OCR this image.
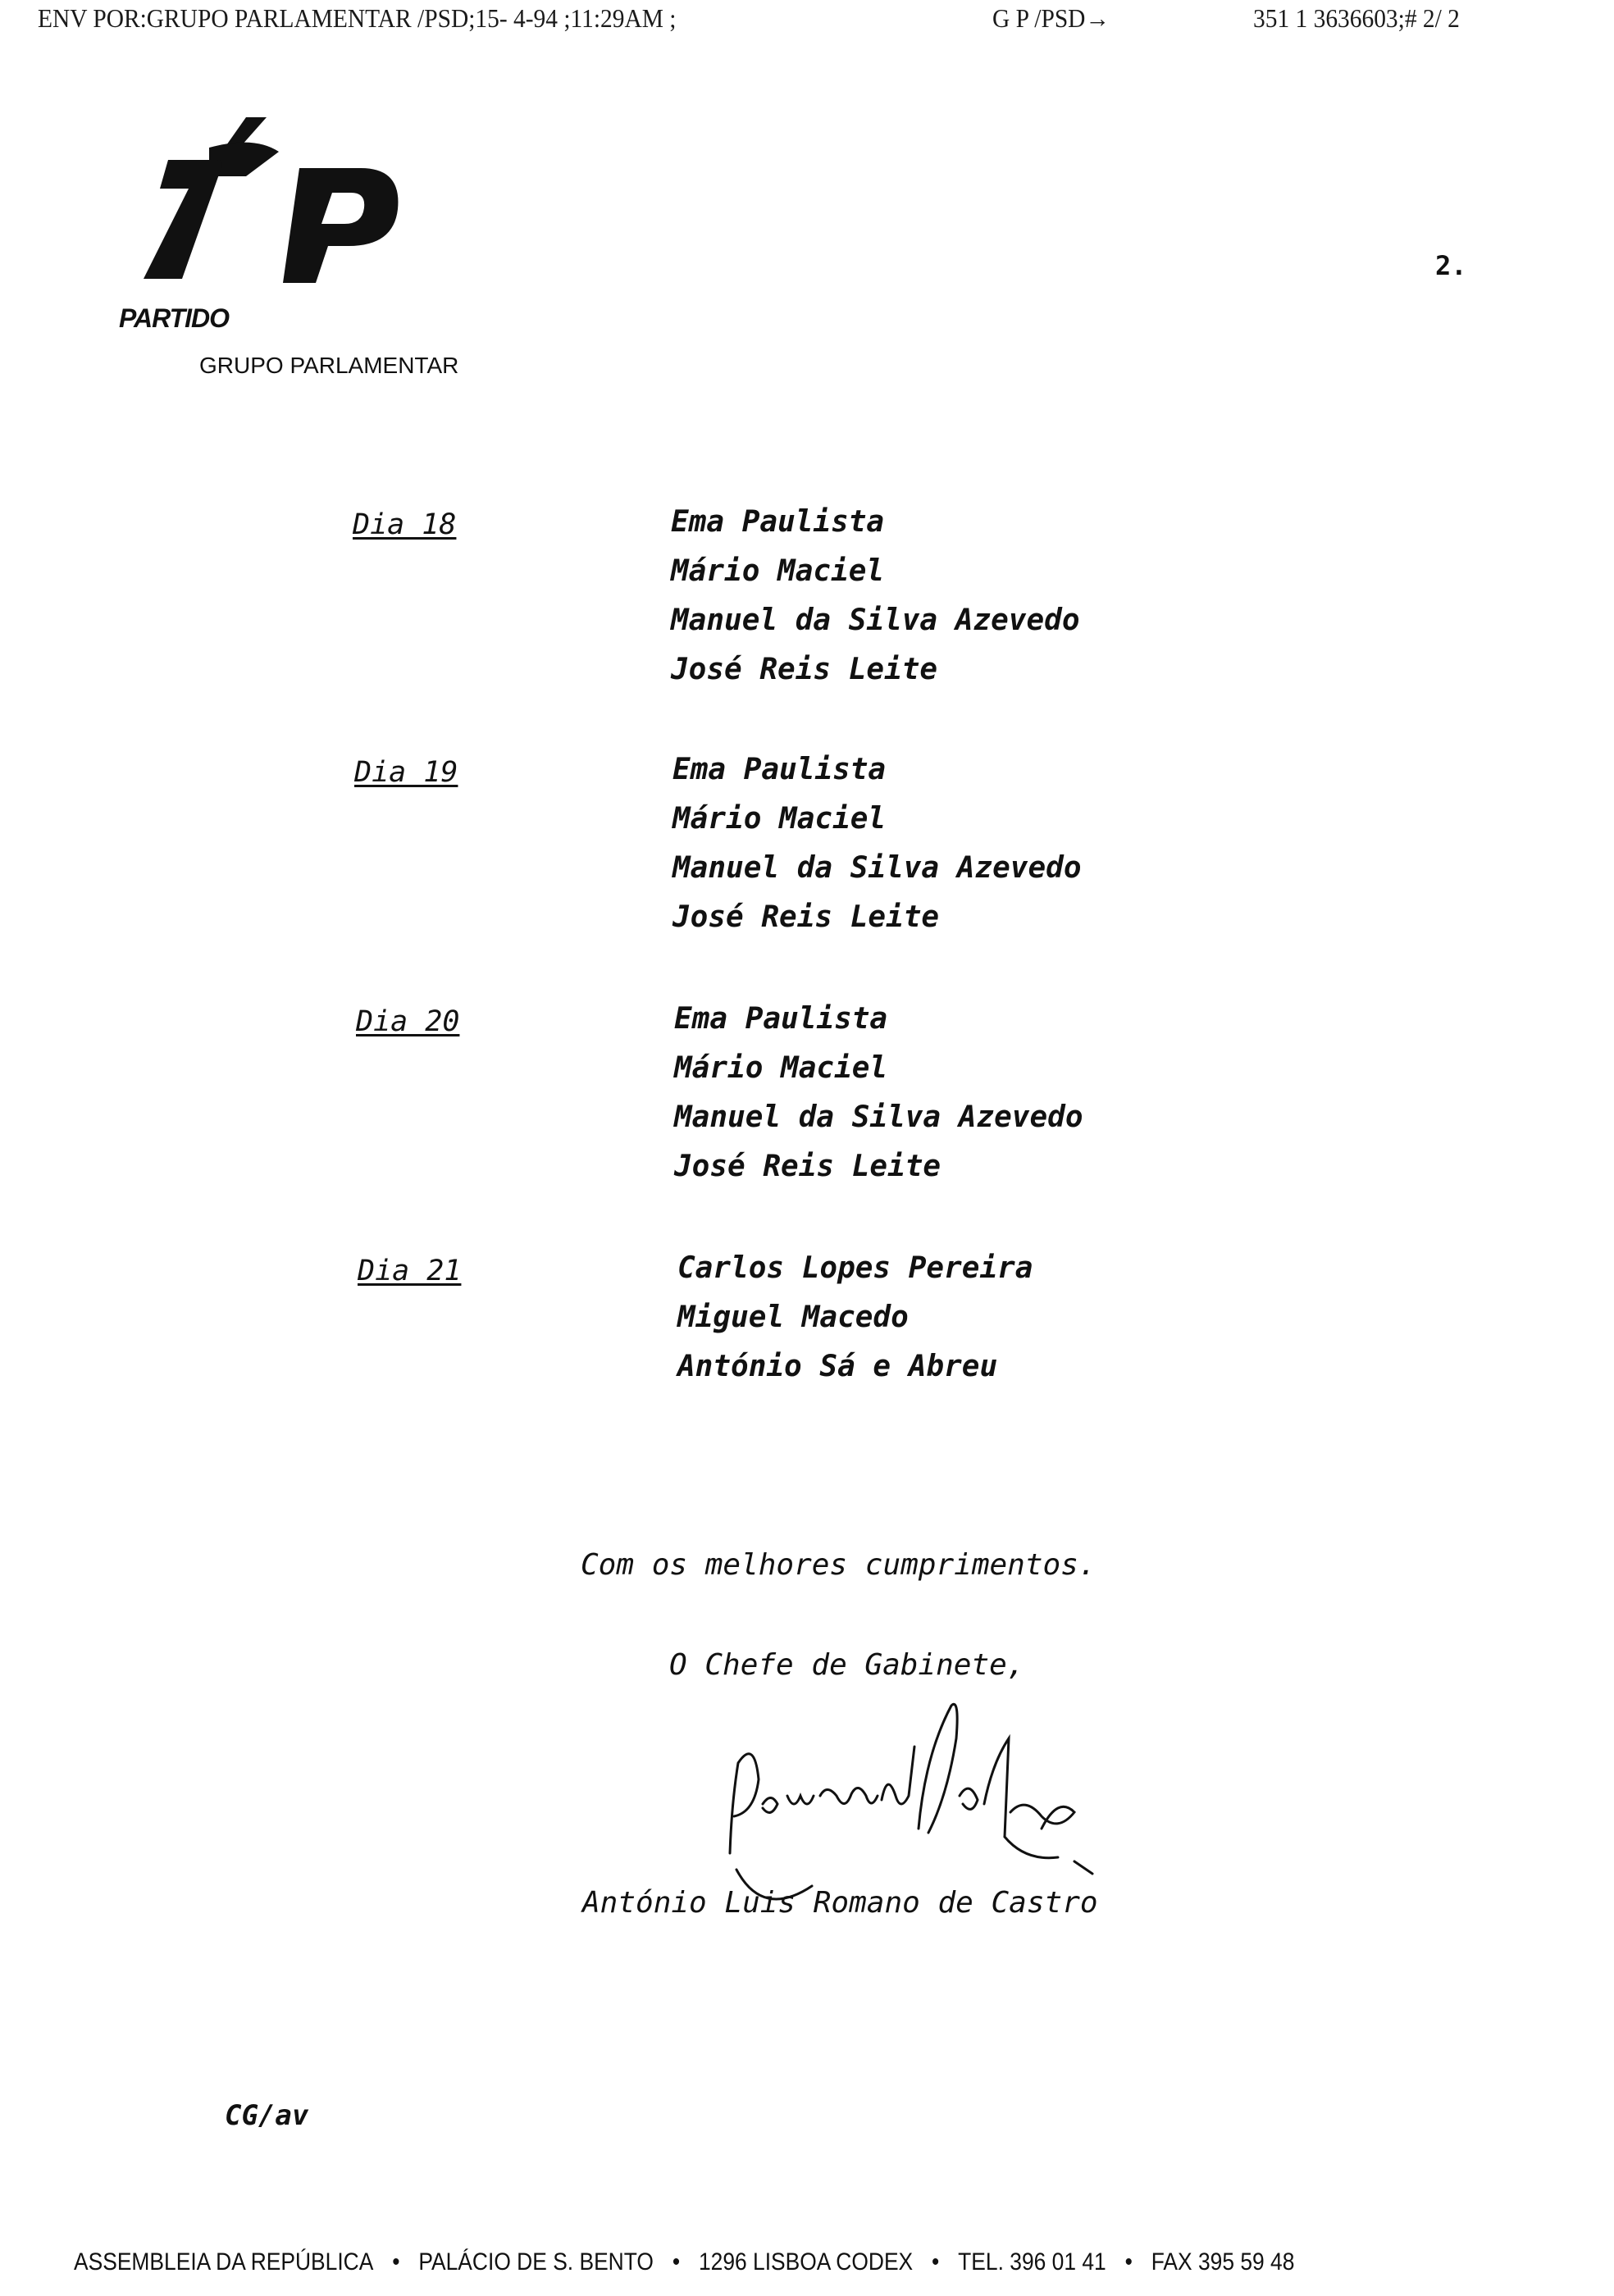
ENV POR:GRUPO PARLAMENTAR /PSD;15- 4-94 ;11:29AM ;	G P /PSD→	351 1 3636603;# 2/ 2
PARTIDO
GRUPO PARLAMENTAR
2.
Dia 18	Ema Paulista
Mário Maciel
Manuel da Silva Azevedo
José Reis Leite
Dia 19	Ema Paulista
Mário Maciel
Manuel da Silva Azevedo
José Reis Leite
Dia 20	Ema Paulista
Mário Maciel
Manuel da Silva Azevedo
José Reis Leite
Dia 21	Carlos Lopes Pereira
Miguel Macedo
António Sá e Abreu
Com os melhores cumprimentos.
O Chefe de Gabinete,
António Luis Romano de Castro
CG/av
ASSEMBLEIA DA REPÚBLICA • PALÁCIO DE S. BENTO • 1296 LISBOA CODEX • TEL. 396 01 41 • FAX 395 59 48
